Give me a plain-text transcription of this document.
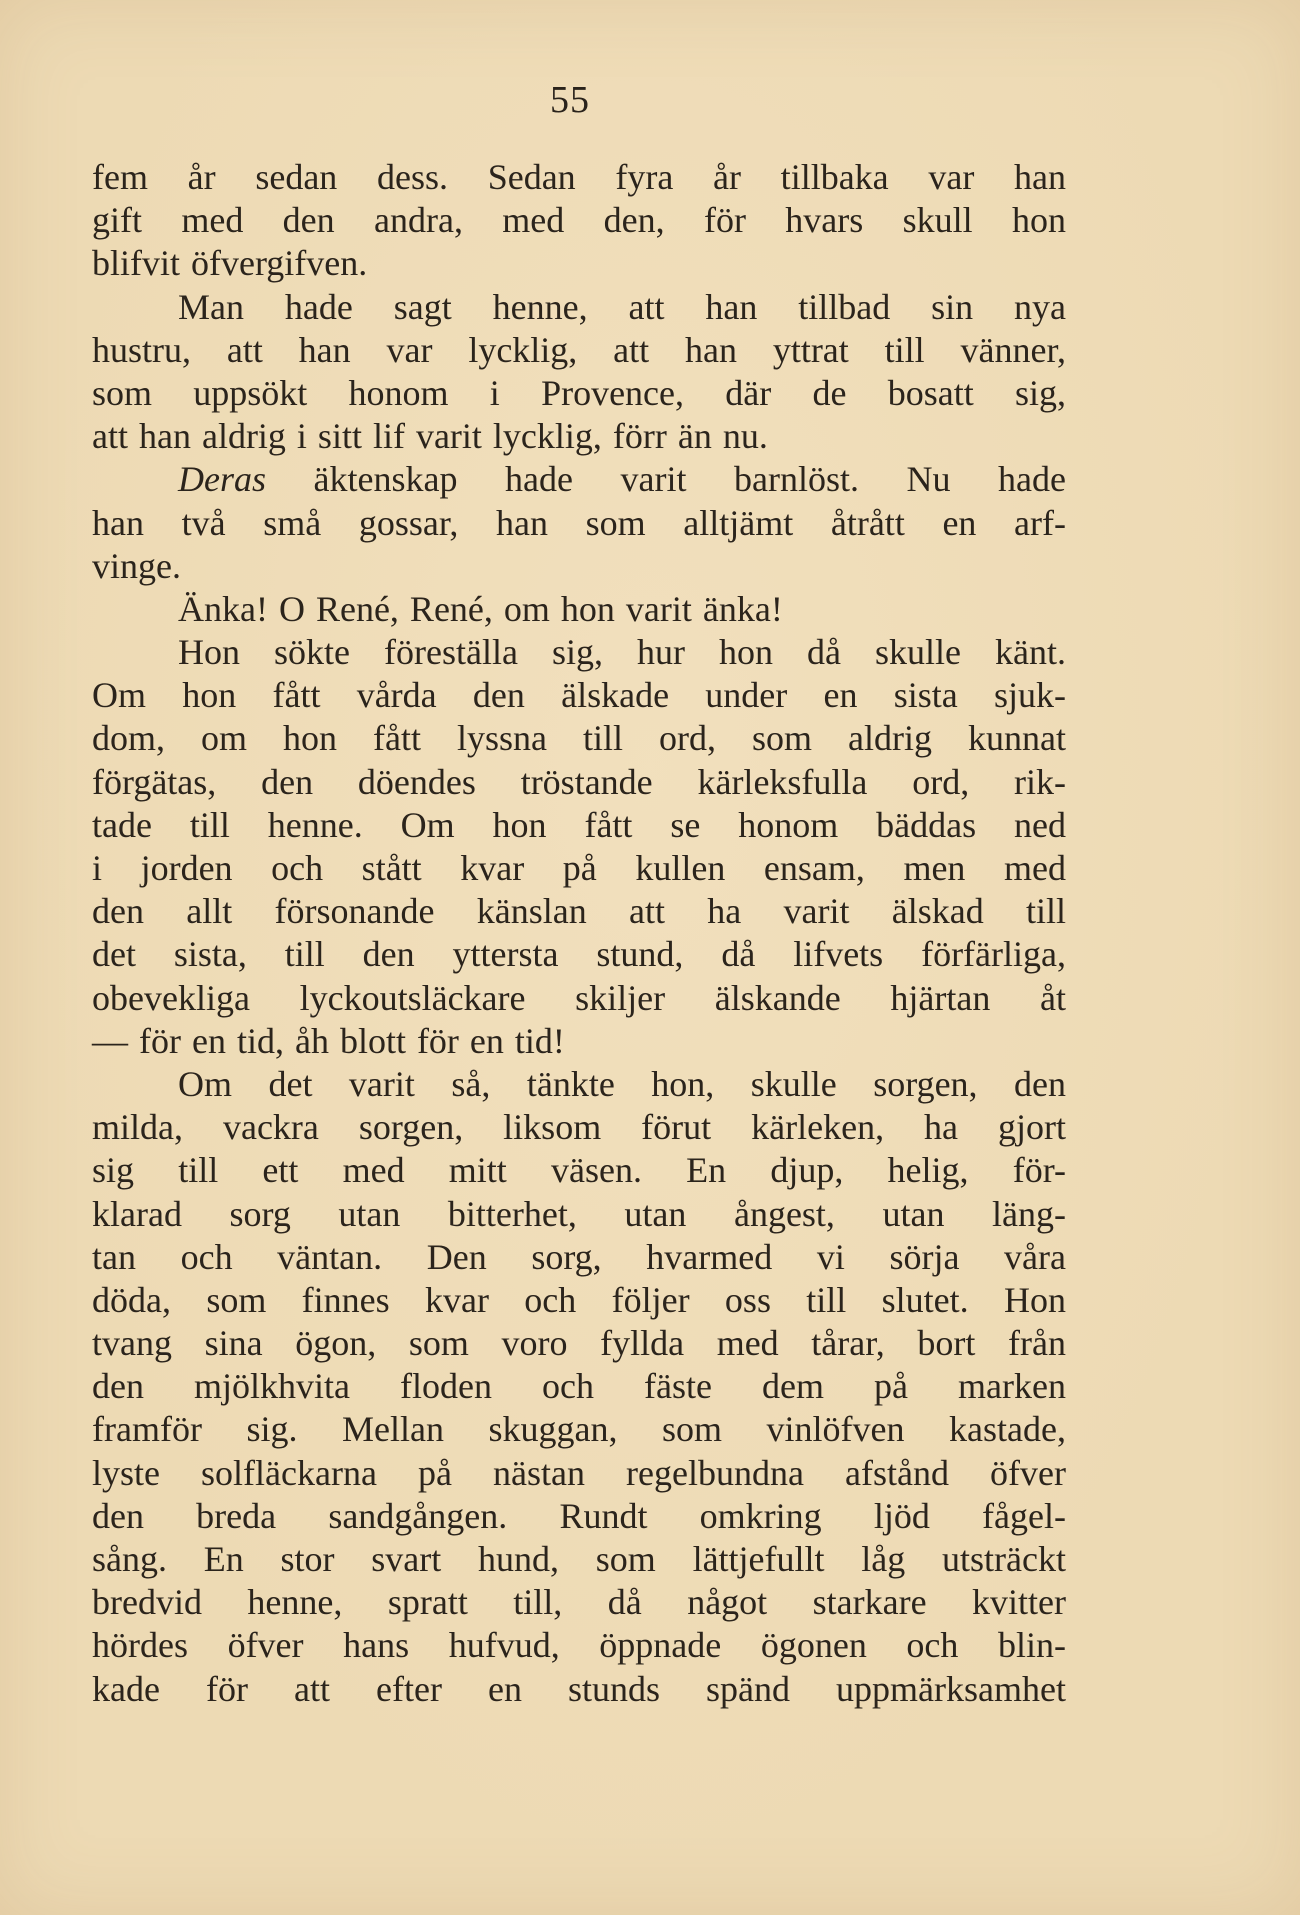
55
fem år sedan dess. Sedan fyra år tillbaka var han
gift med den andra, med den, för hvars skull hon
blifvit öfvergifven.
Man hade sagt henne, att han tillbad sin nya
hustru, att han var lycklig, att han yttrat till vänner,
som uppsökt honom i Provence, där de bosatt sig,
att han aldrig i sitt lif varit lycklig, förr än nu.
Deras äktenskap hade varit barnlöst. Nu hade
han två små gossar, han som alltjämt åtrått en arf-
vinge.
Änka! O René, René, om hon varit änka!
Hon sökte föreställa sig, hur hon då skulle känt.
Om hon fått vårda den älskade under en sista sjuk-
dom, om hon fått lyssna till ord, som aldrig kunnat
förgätas, den döendes tröstande kärleksfulla ord, rik-
tade till henne. Om hon fått se honom bäddas ned
i jorden och stått kvar på kullen ensam, men med
den allt försonande känslan att ha varit älskad till
det sista, till den yttersta stund, då lifvets förfärliga,
obevekliga lyckoutsläckare skiljer älskande hjärtan åt
— för en tid, åh blott för en tid!
Om det varit så, tänkte hon, skulle sorgen, den
milda, vackra sorgen, liksom förut kärleken, ha gjort
sig till ett med mitt väsen. En djup, helig, för-
klarad sorg utan bitterhet, utan ångest, utan läng-
tan och väntan. Den sorg, hvarmed vi sörja våra
döda, som finnes kvar och följer oss till slutet. Hon
tvang sina ögon, som voro fyllda med tårar, bort från
den mjölkhvita floden och fäste dem på marken
framför sig. Mellan skuggan, som vinlöfven kastade,
lyste solfläckarna på nästan regelbundna afstånd öfver
den breda sandgången. Rundt omkring ljöd fågel-
sång. En stor svart hund, som lättjefullt låg utsträckt
bredvid henne, spratt till, då något starkare kvitter
hördes öfver hans hufvud, öppnade ögonen och blin-
kade för att efter en stunds spänd uppmärksamhet
